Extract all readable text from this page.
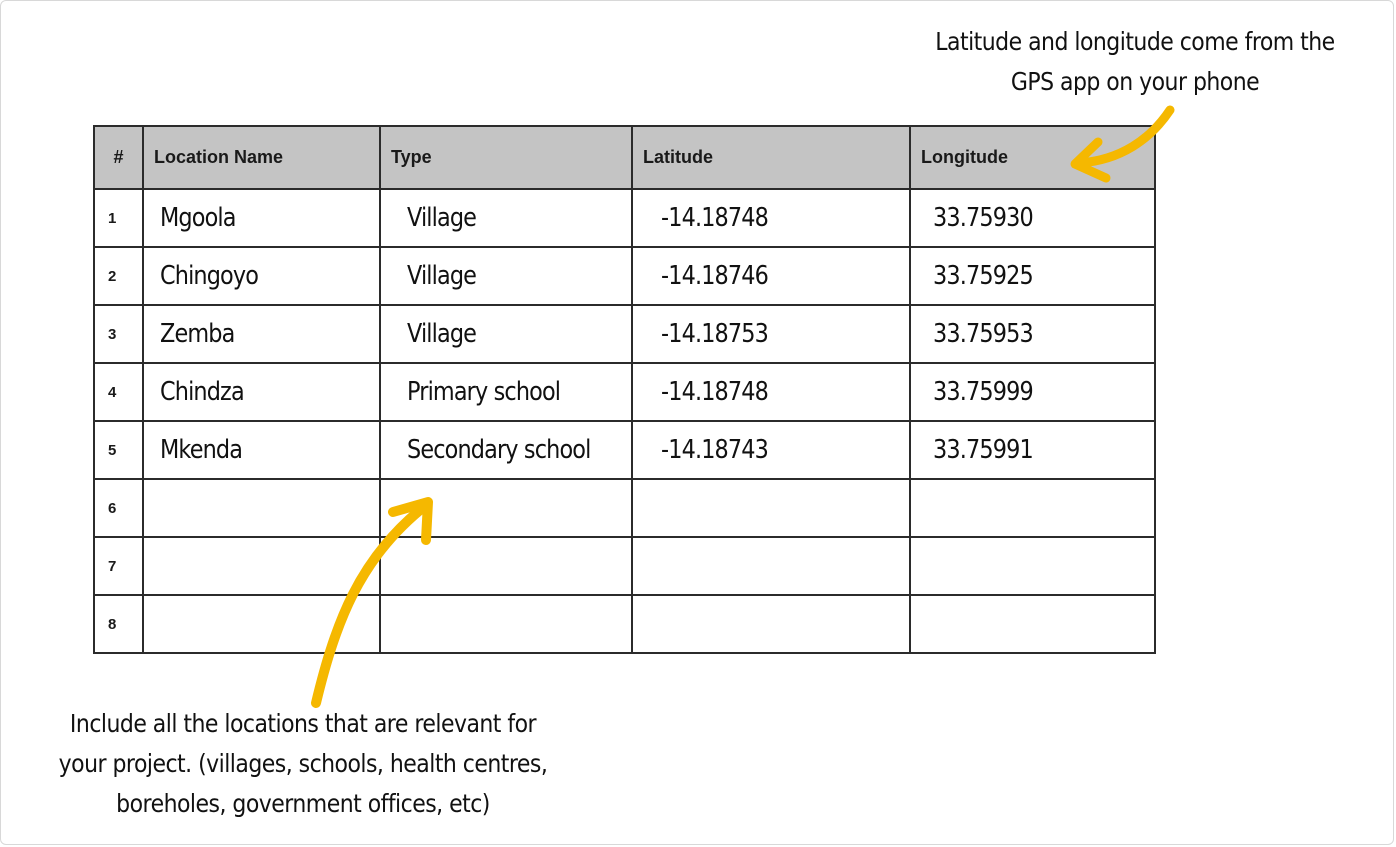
Latitude and longitude come from the
GPS app on your phone
#	Location Name	Type	Latitude	Longitude
1	Mgoola	Village	-14.18748	33.75930
2	Chingoyo	Village	-14.18746	33.75925
3	Zemba	Village	-14.18753	33.75953
4	Chindza	Primary school	-14.18748	33.75999
5	Mkenda	Secondary school	-14.18743	33.75991
6				
7				
8				
Include all the locations that are relevant for
your project. (villages, schools, health centres,
boreholes, government offices, etc)
